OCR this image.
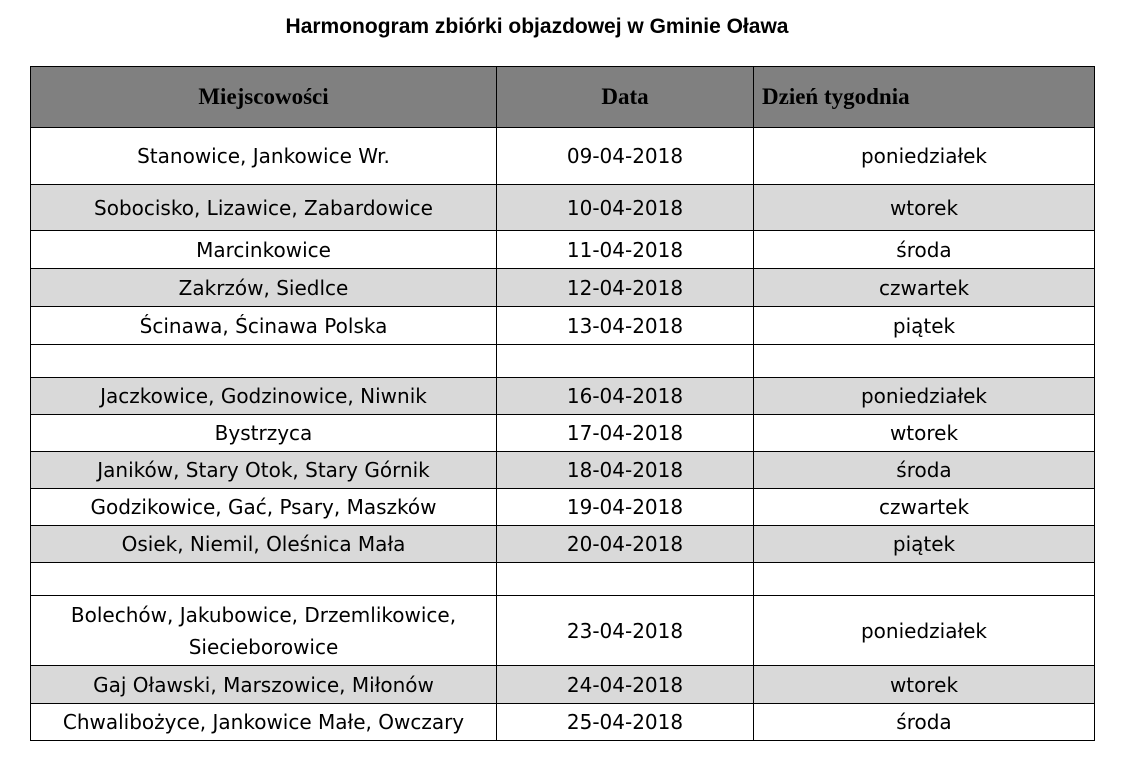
Harmonogram zbiórki objazdowej w Gminie Oława
Miejscowości	Data	Dzień tygodnia
Stanowice, Jankowice Wr.	09-04-2018	poniedziałek
Sobocisko, Lizawice, Zabardowice	10-04-2018	wtorek
Marcinkowice	11-04-2018	środa
Zakrzów, Siedlce	12-04-2018	czwartek
Ścinawa, Ścinawa Polska	13-04-2018	piątek

Jaczkowice, Godzinowice, Niwnik	16-04-2018	poniedziałek
Bystrzyca	17-04-2018	wtorek
Janików, Stary Otok, Stary Górnik	18-04-2018	środa
Godzikowice, Gać, Psary, Maszków	19-04-2018	czwartek
Osiek, Niemil, Oleśnica Mała	20-04-2018	piątek

Bolechów, Jakubowice, Drzemlikowice,
Siecieborowice	23-04-2018	poniedziałek
Gaj Oławski, Marszowice, Miłonów	24-04-2018	wtorek
Chwalibożyce, Jankowice Małe, Owczary	25-04-2018	środa
